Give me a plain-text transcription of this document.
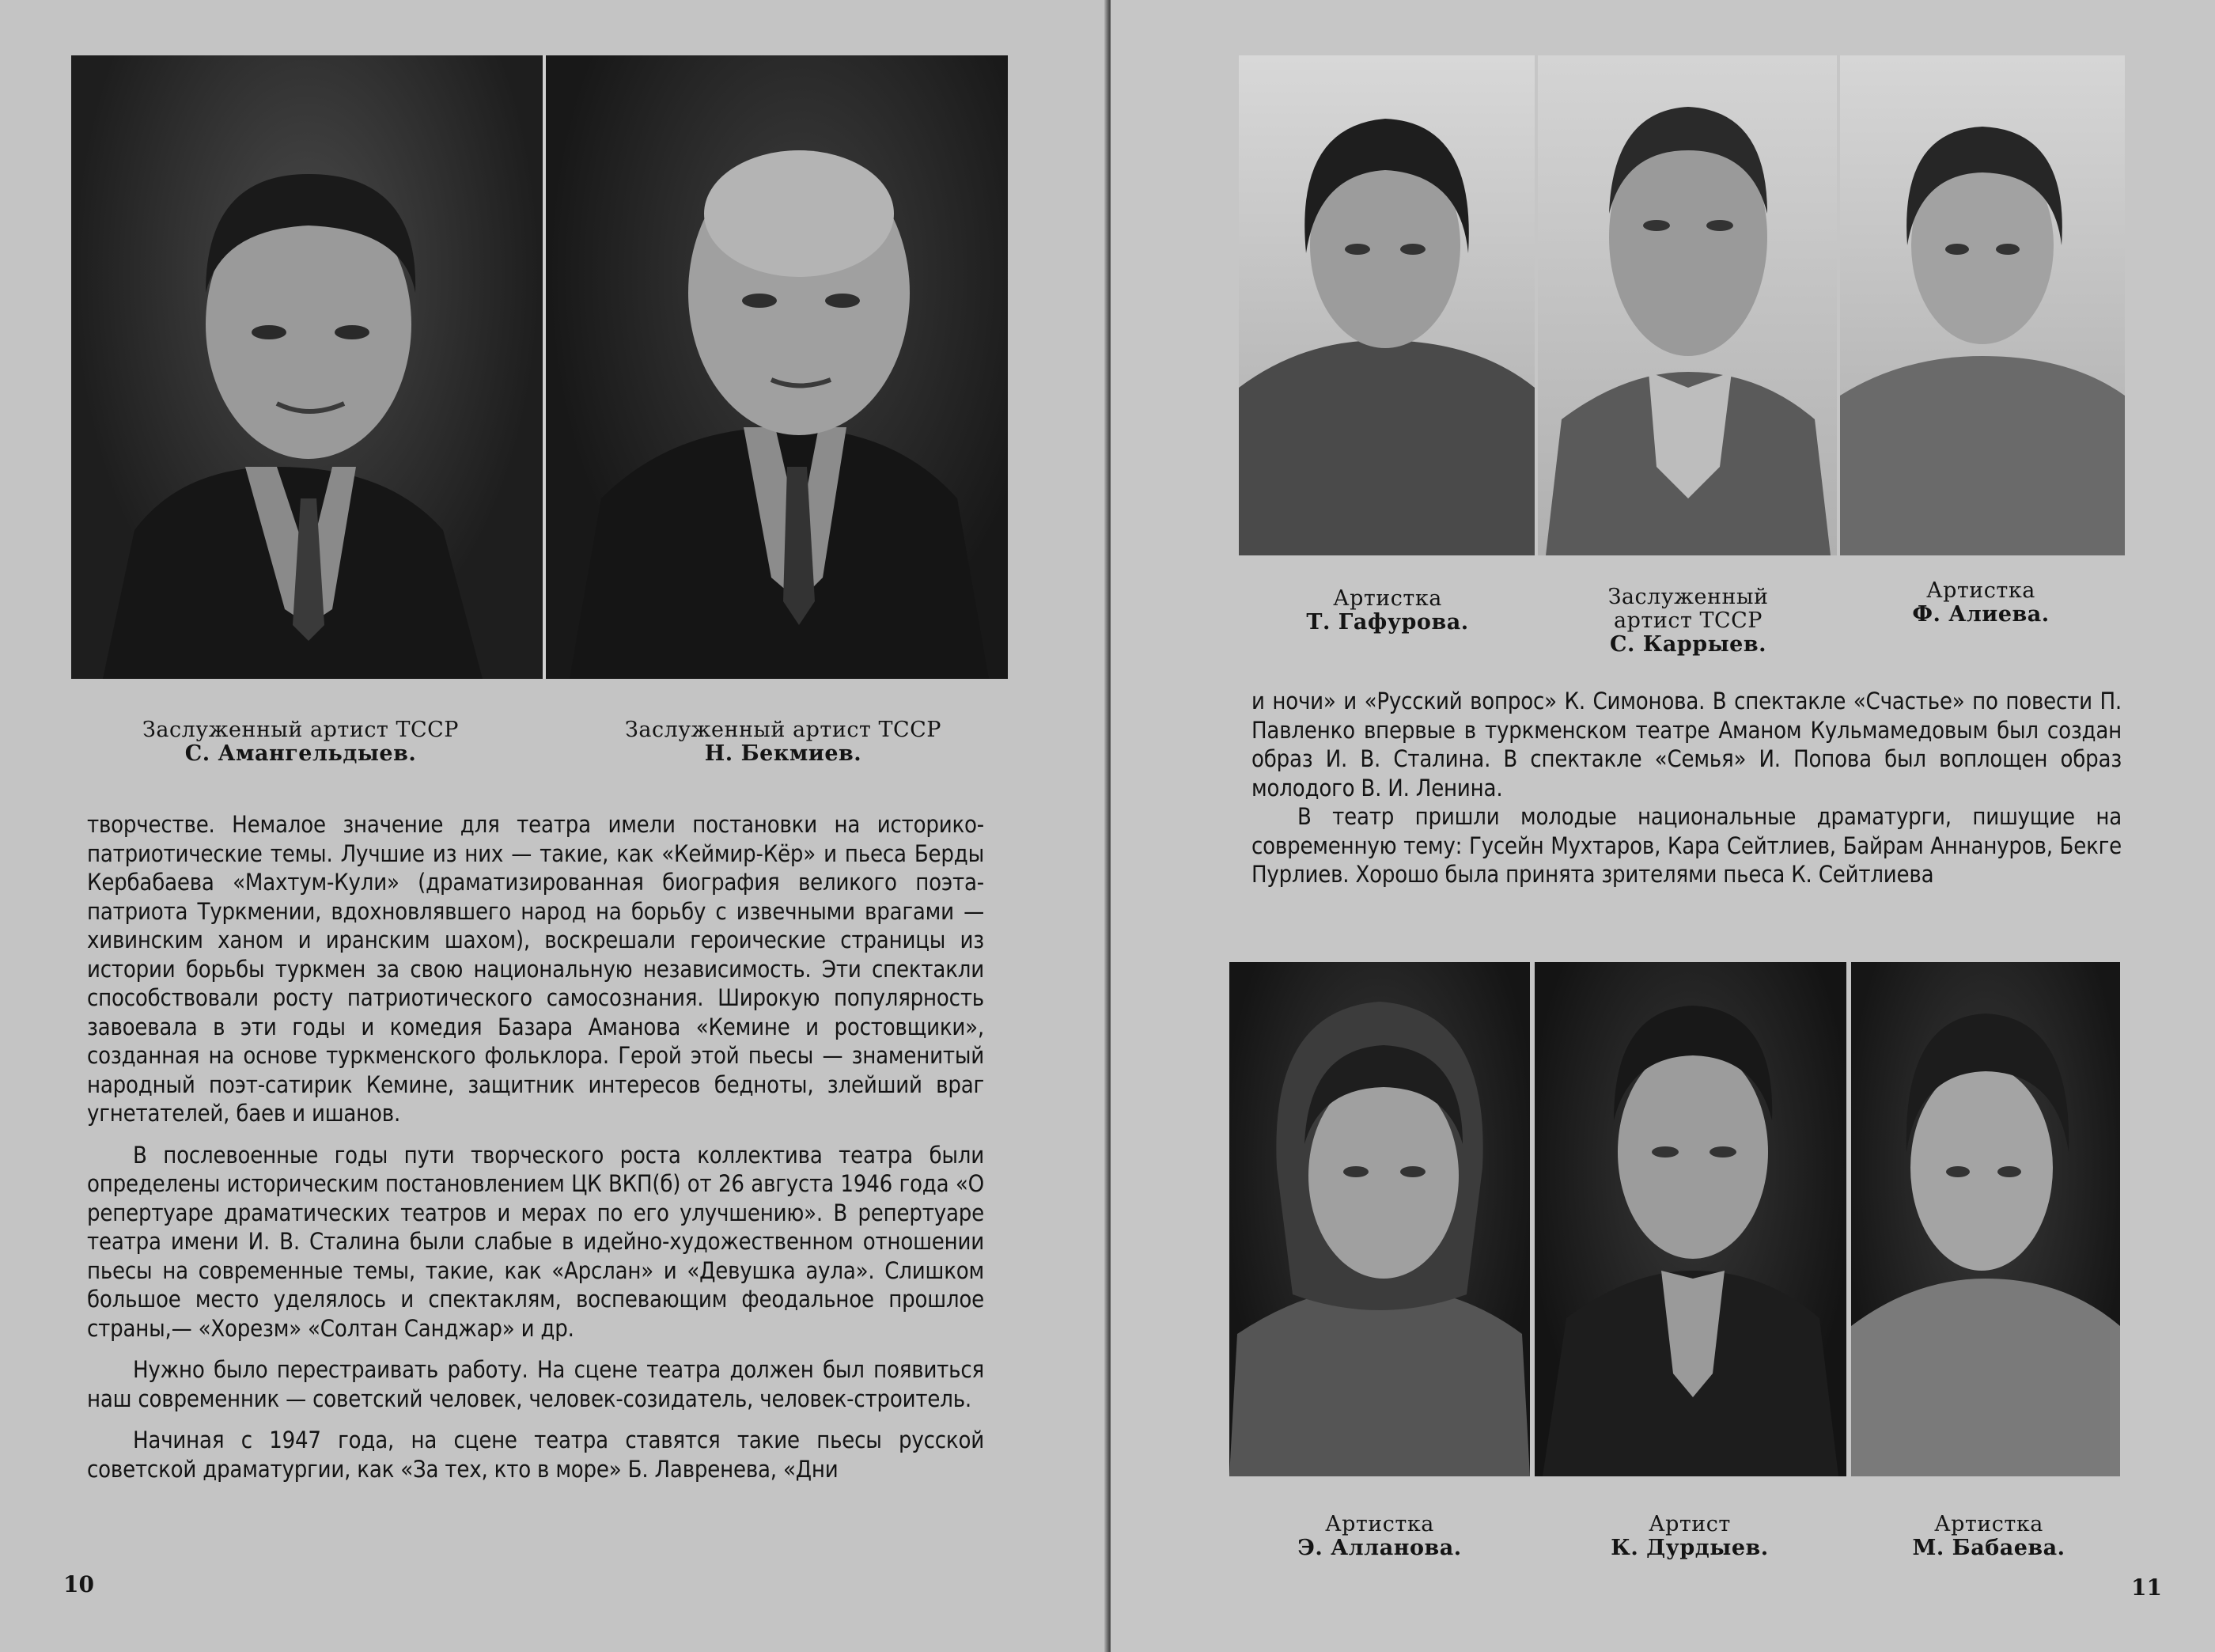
Заслуженный артист ТССР
С. Амангельдыев.
Заслуженный артист ТССР
Н. Бекмиев.

творчестве. Немалое значение для театра имели постановки на историко-патриотические темы. Лучшие из них — такие, как «Кеймир-Кёр» и пьеса Берды Кербабаева «Махтум-Кули» (драматизированная биография великого поэта-патриота Туркмении, вдохновлявшего народ на борьбу с извечными врагами — хивинским ханом и иранским шахом), воскрешали героические страницы из истории борьбы туркмен за свою национальную независимость. Эти спектакли способствовали росту патриотического самосознания. Широкую популярность завоевала в эти годы и комедия Базара Аманова «Кемине и ростовщики», созданная на основе туркменского фольклора. Герой этой пьесы — знаменитый народный поэт-сатирик Кемине, защитник интересов бедноты, злейший враг угнетателей, баев и ишанов.

В послевоенные годы пути творческого роста коллектива театра были определены историческим постановлением ЦК ВКП(б) от 26 августа 1946 года «О репертуаре драматических театров и мерах по его улучшению». В репертуаре театра имени И. В. Сталина были слабые в идейно-художественном отношении пьесы на современные темы, такие, как «Арслан» и «Девушка аула». Слишком большое место уделялось и спектаклям, воспевающим феодальное прошлое страны,— «Хорезм» «Солтан Санджар» и др.

Нужно было перестраивать работу. На сцене театра должен был появиться наш современник — советский человек, человек-созидатель, человек-строитель.

Начиная с 1947 года, на сцене театра ставятся такие пьесы русской советской драматургии, как «За тех, кто в море» Б. Лавренева, «Дни

10
Артистка
Т. Гафурова.
Заслуженный
артист ТССР
С. Каррыев.
Артистка
Ф. Алиева.

и ночи» и «Русский вопрос» К. Симонова. В спектакле «Счастье» по повести П. Павленко впервые в туркменском театре Аманом Кульмамедовым был создан образ И. В. Сталина. В спектакле «Семья» И. Попова был воплощен образ молодого В. И. Ленина.

В театр пришли молодые национальные драматурги, пишущие на современную тему: Гусейн Мухтаров, Кара Сейтлиев, Байрам Аннануров, Бекге Пурлиев. Хорошо была принята зрителями пьеса К. Сейтлиева

Артистка
Э. Алланова.
Артист
К. Дурдыев.
Артистка
М. Бабаева.
11
